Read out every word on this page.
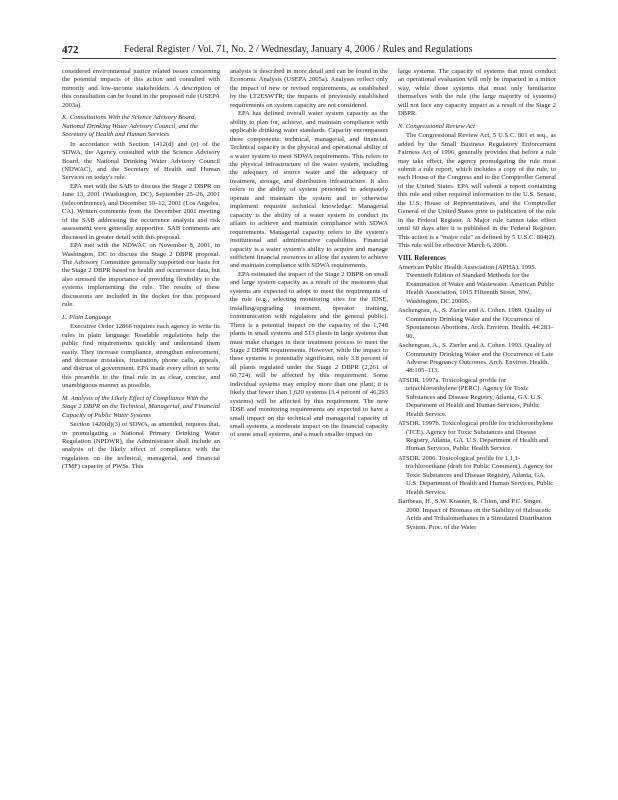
472	Federal Register / Vol. 71, No. 2 / Wednesday, January 4, 2006 / Rules and Regulations

considered environmental justice related issues concerning the potential impacts of this action and consulted with minority and low-income stakeholders. A description of this consultation can be found in the proposed rule (USEPA 2003a).

K. Consultations With the Science Advisory Board, National Drinking Water Advisory Council, and the Secretary of Health and Human Services

In accordance with Section 1412(d) and (e) of the SDWA, the Agency consulted with the Science Advisory Board, the National Drinking Water Advisory Council (NDWAC), and the Secretary of Health and Human Services on today's rule.

EPA met with the SAB to discuss the Stage 2 DBPR on June 13, 2001 (Washington, DC), September 25–26, 2001 (teleconference), and December 10–12, 2001 (Los Angeles, CA). Written comments from the December 2001 meeting of the SAB addressing the occurrence analysis and risk assessment were generally supportive. SAB comments are discussed in greater detail with this proposal.

EPA met with the NDWAC on November 8, 2001, in Washington, DC to discuss the Stage 2 DBPR proposal. The Advisory Committee generally supported our basis for the Stage 2 DBPR based on health and occurrence data, but also stressed the importance of providing flexibility to the systems implementing the rule. The results of these discussions are included in the docket for this proposed rule.

L. Plain Language

Executive Order 12866 requires each agency to write its rules in plain language. Readable regulations help the public find requirements quickly and understand them easily. They increase compliance, strengthen enforcement, and decrease mistakes, frustration, phone calls, appeals, and distrust of government. EPA made every effort to write this preamble to the final rule in as clear, concise, and unambiguous manner as possible.

M. Analysis of the Likely Effect of Compliance With the Stage 2 DBPR on the Technical, Managerial, and Financial Capacity of Public Water Systems

Section 1420(d)(3) of SDWA, as amended, requires that, in promulgating a National Primary Drinking Water Regulation (NPDWR), the Administrator shall include an analysis of the likely effect of compliance with the regulation on the technical, managerial, and financial (TMF) capacity of PWSs. This

analysis is described in more detail and can be found in the Economic Analysis (USEPA 2005a). Analyses reflect only the impact of new or revised requirements, as established by the LT2ESWTR; the impacts of previously established requirements on system capacity are not considered.

EPA has defined overall water system capacity as the ability to plan for, achieve, and maintain compliance with applicable drinking water standards. Capacity encompasses three components: technical, managerial, and financial. Technical capacity is the physical and operational ability of a water system to meet SDWA requirements. This refers to the physical infrastructure of the water system, including the adequacy of source water and the adequacy of treatment, storage, and distribution infrastructure. It also refers to the ability of system personnel to adequately operate and maintain the system and to otherwise implement requisite technical knowledge. Managerial capacity is the ability of a water system to conduct its affairs to achieve and maintain compliance with SDWA requirements. Managerial capacity refers to the system's institutional and administrative capabilities. Financial capacity is a water system's ability to acquire and manage sufficient financial resources to allow the system to achieve and maintain compliance with SDWA requirements.

EPA estimated the impact of the Stage 2 DBPR on small and large system capacity as a result of the measures that systems are expected to adopt to meet the requirements of the rule (e.g., selecting monitoring sites for the IDSE, installing/upgrading treatment, operator training, communication with regulators and the general public). There is a potential impact on the capacity of the 1,748 plants in small systems and 513 plants in large systems that must make changes in their treatment process to meet the Stage 2 DBPR requirements. However, while the impact to these systems is potentially significant, only 3.8 percent of all plants regulated under the Stage 2 DBPR (2,261 of 60,724) will be affected by this requirement. Some individual systems may employ more than one plant; it is likely that fewer than 1,620 systems (3.4 percent of 46,293 systems) will be affected by this requirement. The new IDSE and monitoring requirements are expected to have a small impact on the technical and managerial capacity of small systems, a moderate impact on the financial capacity of some small systems, and a much smaller impact on

large systems. The capacity of systems that must conduct an operational evaluation will only be impacted in a minor way, while those systems that must only familiarize themselves with the rule (the large majority of systems) will not face any capacity impact as a result of the Stage 2 DBPR.

N. Congressional Review Act

The Congressional Review Act, 5 U.S.C. 801 et seq., as added by the Small Business Regulatory Enforcement Fairness Act of 1996, generally provides that before a rule may take effect, the agency promulgating the rule must submit a rule report, which includes a copy of the rule, to each House of the Congress and to the Comptroller General of the United States. EPA will submit a report containing this rule and other required information to the U.S. Senate, the U.S. House of Representatives, and the Comptroller General of the United States prior to publication of the rule in the Federal Register. A Major rule cannot take effect until 60 days after it is published in the Federal Register. This action is a "major rule" as defined by 5 U.S.C. 804(2). This rule will be effective March 6, 2006.

VIII. References

American Public Health Association (APHA). 1995. Twentieth Edition of Standard Methods for the Examination of Water and Wastewater. American Public Health Association, 1015 Fifteenth Street, NW., Washington, DC 20005.

Aschengrau, A., S. Zierler and A. Cohen. 1989. Quality of Community Drinking Water and the Occurrence of Spontaneous Abortions. Arch. Environ. Health. 44:283–90.

Aschengrau, A., S. Zierler and A. Cohen. 1993. Quality of Community Drinking Water and the Occurrence of Late Adverse Pregnancy Outcomes. Arch. Environ. Health. 48:105–113.

ATSDR. 1997a. Toxicological profile for tetrachloroethylene (PERC). Agency for Toxic Substances and Disease Registry, Atlanta, GA. U.S. Department of Health and Human Services, Public Health Service.

ATSDR. 1997b. Toxicological profile for trichloroethylene (TCE). Agency for Toxic Substances and Disease Registry, Atlanta, GA. U.S. Department of Health and Human Services, Public Health Service.

ATSDR. 2006. Toxicological profile for 1,1,1-trichloroethane (draft for Public Comment). Agency for Toxic Substances and Disease Registry, Atlanta, GA. U.S. Department of Health and Human Services, Public Health Service.

Baribeau, H., S.W. Krasner, R. Chinn, and P.C. Singer. 2000. Impact of Biomass on the Stability of Haloacetic Acids and Trihalomethanes in a Simulated Distribution System. Proc. of the Water
